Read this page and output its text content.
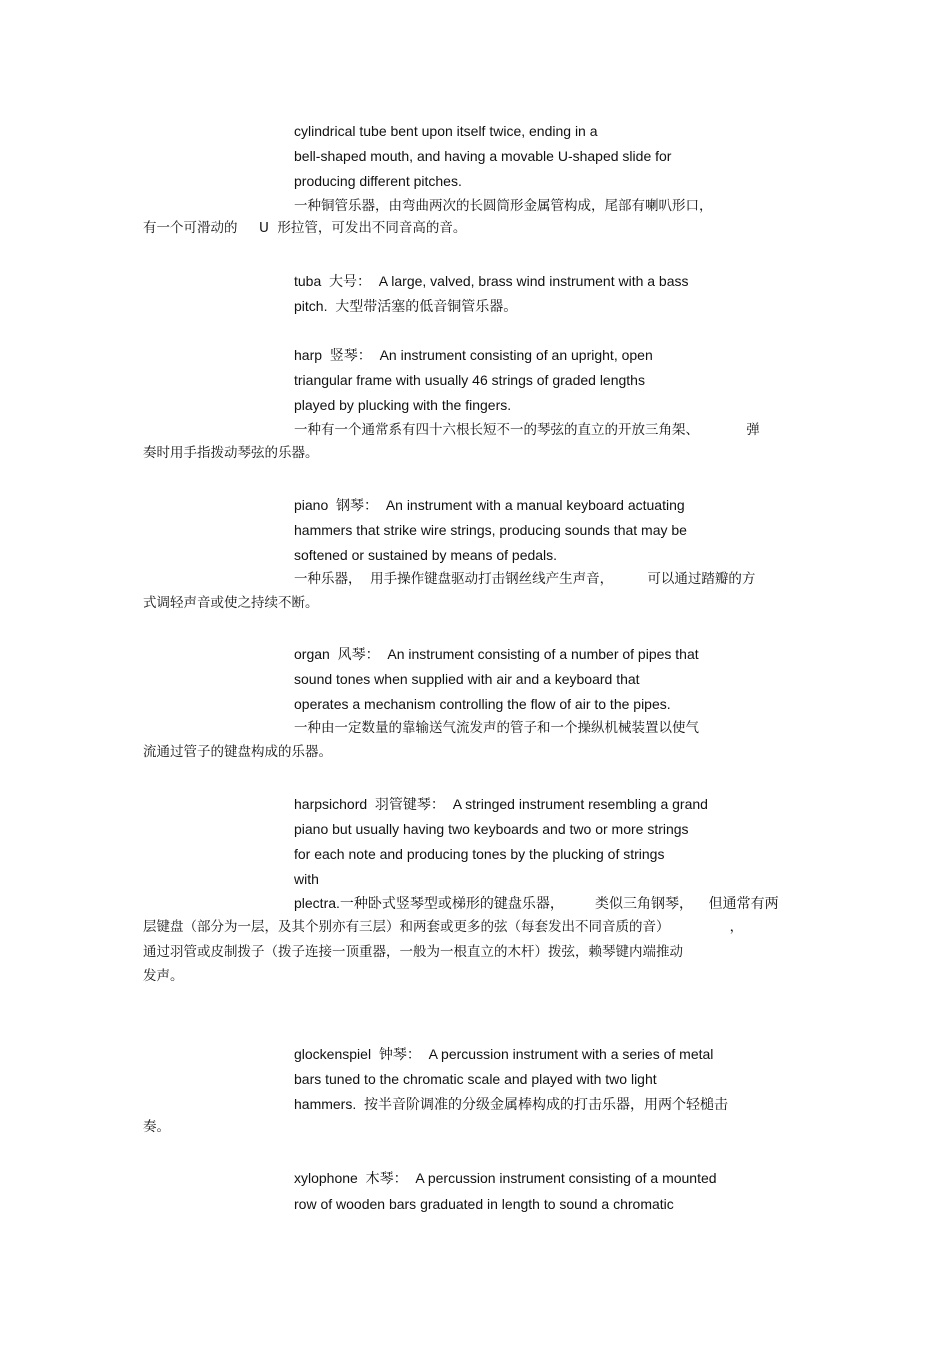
cylindrical tube bent upon itself twice, ending in a
bell-shaped mouth, and having a movable U-shaped slide for
producing different pitches.
一种铜管乐器，由弯曲两次的长圆筒形金属管构成，尾部有喇叭形口，
有一个可滑动的     U  形拉管，可发出不同音高的音。
tuba  大号：  A large, valved, brass wind instrument with a bass
pitch.  大型带活塞的低音铜管乐器。
harp  竖琴：  An instrument consisting of an upright, open
triangular frame with usually 46 strings of graded lengths
played by plucking with the fingers.
一种有一个通常系有四十六根长短不一的琴弦的直立的开放三角架、           弹
奏时用手指拨动琴弦的乐器。
piano  钢琴：  An instrument with a manual keyboard actuating
hammers that strike wire strings, producing sounds that may be
softened or sustained by means of pedals.
一种乐器，  用手操作键盘驱动打击钢丝线产生声音，        可以通过踏瓣的方
式调轻声音或使之持续不断。
organ  风琴：  An instrument consisting of a number of pipes that
sound tones when supplied with air and a keyboard that
operates a mechanism controlling the flow of air to the pipes.
一种由一定数量的靠输送气流发声的管子和一个操纵机械装置以使气
流通过管子的键盘构成的乐器。
harpsichord  羽管键琴：  A stringed instrument resembling a grand
piano but usually having two keyboards and two or more strings
for each note and producing tones by the plucking of strings
with
plectra.一种卧式竖琴型或梯形的键盘乐器，        类似三角钢琴，    但通常有两
层键盘（部分为一层，及其个别亦有三层）和两套或更多的弦（每套发出不同音质的音）              ，
通过羽管或皮制拨子（拨子连接一顶重器，一般为一根直立的木杆）拨弦，赖琴键内端推动
发声。
glockenspiel  钟琴：  A percussion instrument with a series of metal
bars tuned to the chromatic scale and played with two light
hammers.  按半音阶调准的分级金属棒构成的打击乐器，用两个轻槌击
奏。
xylophone  木琴：  A percussion instrument consisting of a mounted
row of wooden bars graduated in length to sound a chromatic
